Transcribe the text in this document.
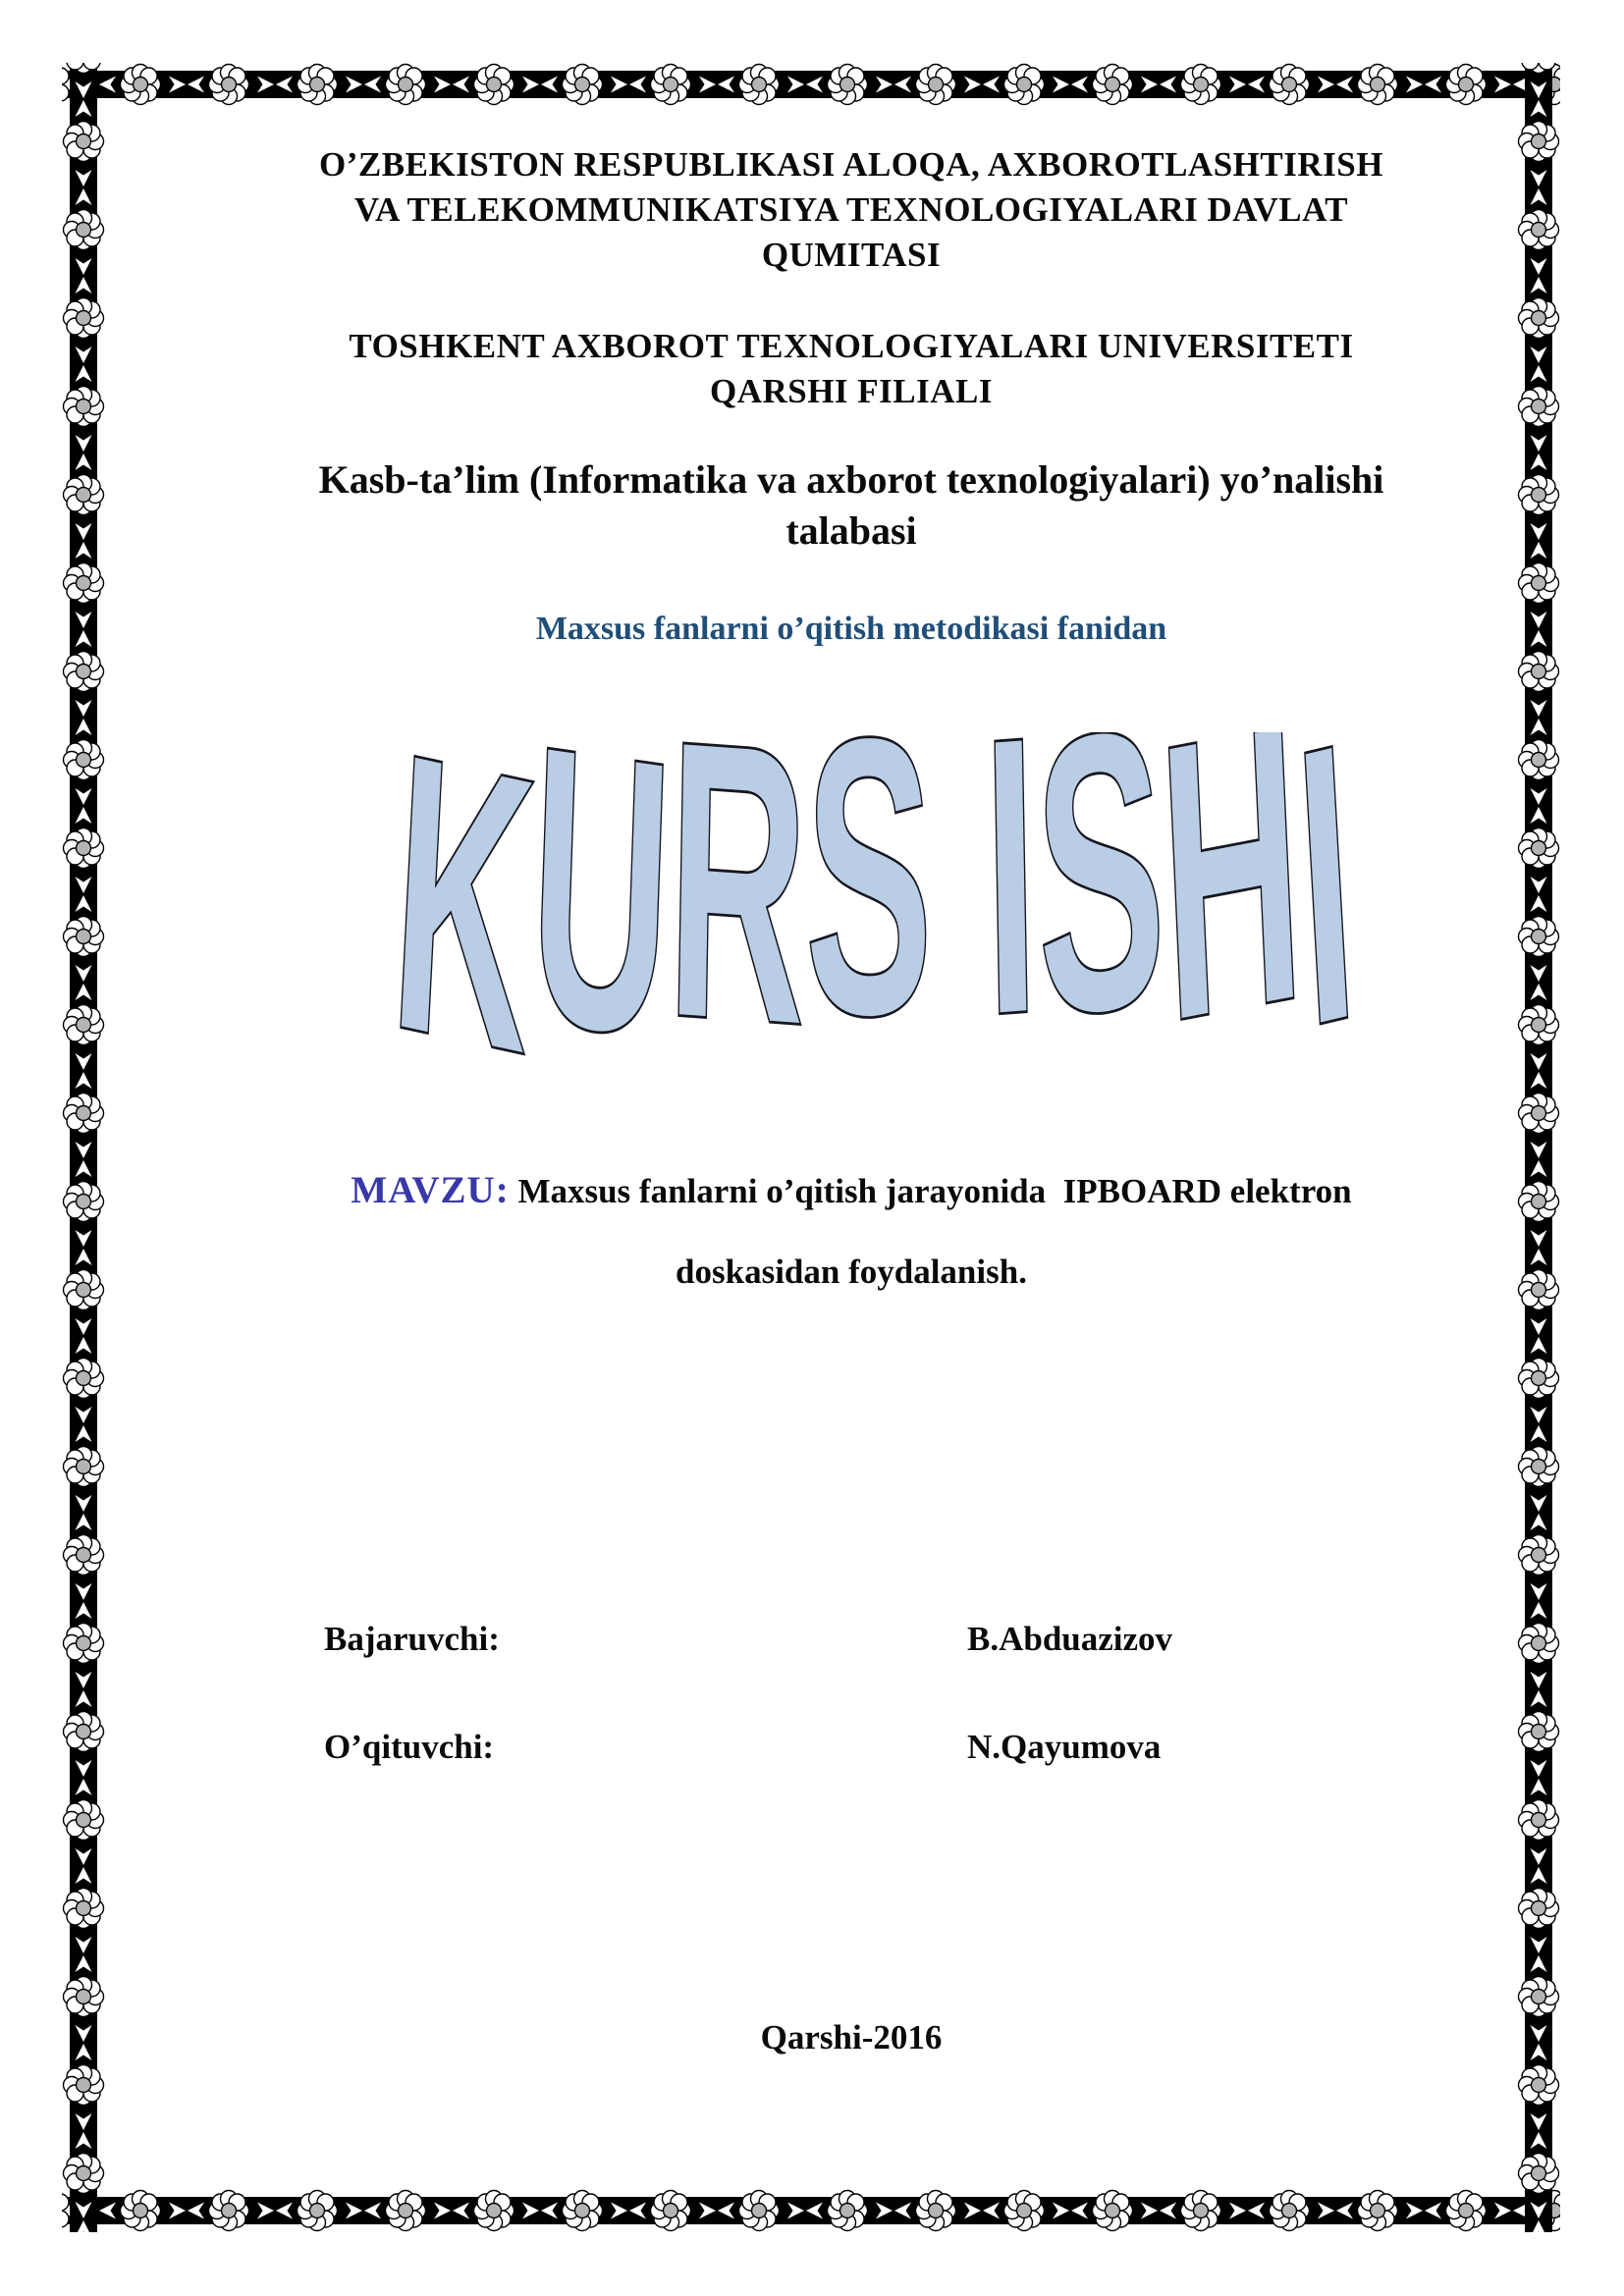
O’ZBEKISTON RESPUBLIKASI ALOQA, AXBOROTLASHTIRISH
VA TELEKOMMUNIKATSIYA TEXNOLOGIYALARI DAVLAT
QUMITASI
TOSHKENT AXBOROT TEXNOLOGIYALARI UNIVERSITETI
QARSHI FILIALI
Kasb-ta’lim (Informatika va axborot texnologiyalari) yo’nalishi
talabasi
Maxsus fanlarni o’qitish metodikasi fanidan
KURS ISHI
MAVZU: Maxsus fanlarni o’qitish jarayonida  IPBOARD elektron
doskasidan foydalanish.
Bajaruvchi:	B.Abduazizov
O’qituvchi:	N.Qayumova
Qarshi-2016
